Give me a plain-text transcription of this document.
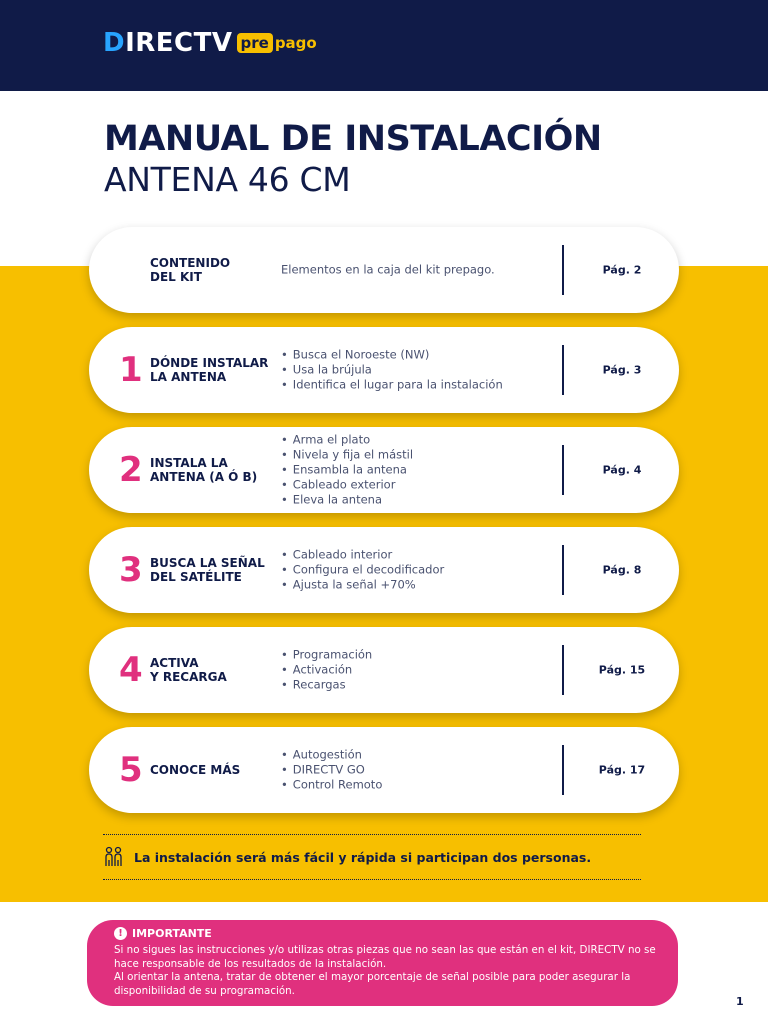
DIRECTV pre pago
MANUAL DE INSTALACIÓN
ANTENA 46 CM
CONTENIDO
DEL KIT
Elementos en la caja del kit prepago.	Pág. 2
1 DÓNDE INSTALAR
LA ANTENA
• Busca el Noroeste (NW)
• Usa la brújula
• Identifica el lugar para la instalación
Pág. 3
2 INSTALA LA
ANTENA (A Ó B)
• Arma el plato
• Nivela y fija el mástil
• Ensambla la antena
• Cableado exterior
• Eleva la antena
Pág. 4
3 BUSCA LA SEÑAL
DEL SATÉLITE
• Cableado interior
• Configura el decodificador
• Ajusta la señal +70%
Pág. 8
4 ACTIVA
Y RECARGA
• Programación
• Activación
• Recargas
Pág. 15
5 CONOCE MÁS
• Autogestión
• DIRECTV GO
• Control Remoto
Pág. 17
La instalación será más fácil y rápida si participan dos personas.
! IMPORTANTE
Si no sigues las instrucciones y/o utilizas otras piezas que no sean las que están en el kit, DIRECTV no se hace responsable de los resultados de la instalación.
Al orientar la antena, tratar de obtener el mayor porcentaje de señal posible para poder asegurar la disponibilidad de su programación.
1
